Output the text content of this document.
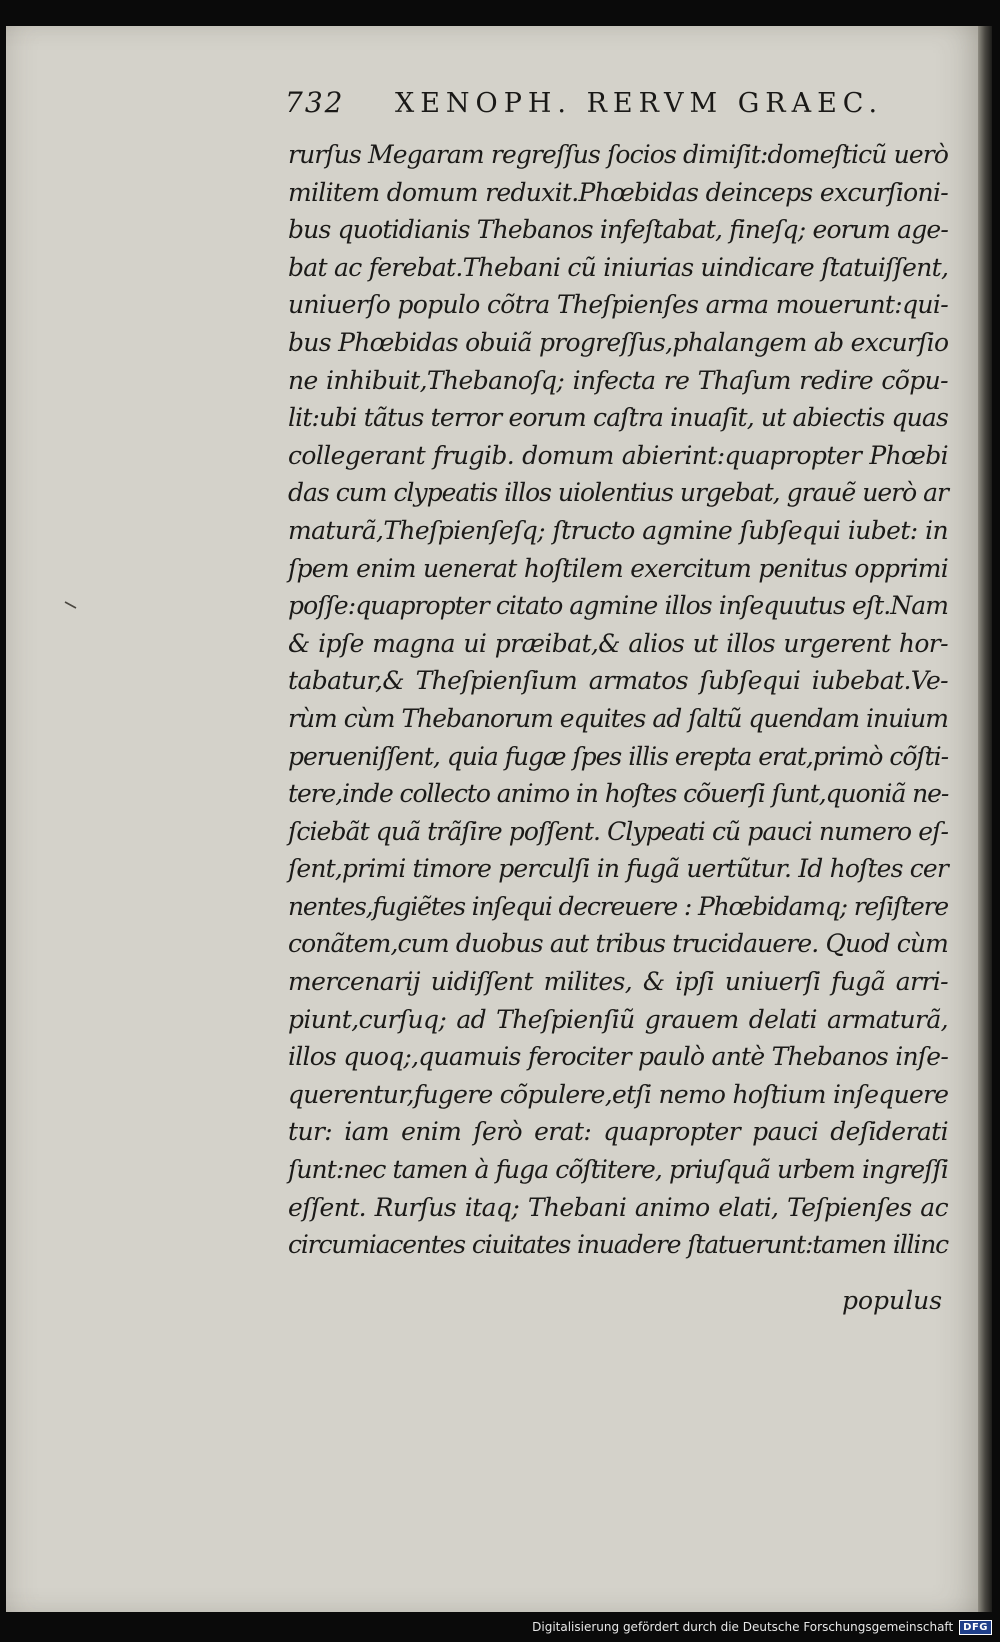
732 XENOPH. RERVM GRAEC.
rurſus Megaram regreſſus ſocios dimiſit:domeſticũ uerò
militem domum reduxit.Phœbidas deinceps excurſioni-
bus quotidianis Thebanos infeſtabat, fineſq; eorum age-
bat ac ferebat.Thebani cũ iniurias uindicare ſtatuiſſent,
uniuerſo populo cõtra Theſpienſes arma mouerunt:qui-
bus Phœbidas obuiã progreſſus,phalangem ab excurſio
ne inhibuit,Thebanoſq; infecta re Thaſum redire cõpu-
lit:ubi tãtus terror eorum caſtra inuaſit, ut abiectis quas
collegerant frugib. domum abierint:quapropter Phœbi
das cum clypeatis illos uiolentius urgebat, grauẽ uerò ar
maturã,Theſpienſeſq; ſtructo agmine ſubſequi iubet: in
ſpem enim uenerat hoſtilem exercitum penitus opprimi
poſſe:quapropter citato agmine illos inſequutus eſt.Nam
& ipſe magna ui præibat,& alios ut illos urgerent hor-
tabatur,& Theſpienſium armatos ſubſequi iubebat.Ve-
rùm cùm Thebanorum equites ad ſaltũ quendam inuium
perueniſſent, quia fugæ ſpes illis erepta erat,primò cõſti-
tere,inde collecto animo in hoſtes cõuerſi ſunt,quoniã ne-
ſciebãt quã trãſire poſſent. Clypeati cũ pauci numero eſ-
ſent,primi timore perculſi in fugã uertũtur. Id hoſtes cer
nentes,fugiẽtes inſequi decreuere : Phœbidamq; reſiſtere
conãtem,cum duobus aut tribus trucidauere. Quod cùm
mercenarij uidiſſent milites, & ipſi uniuerſi fugã arri-
piunt,curſuq; ad Theſpienſiũ grauem delati armaturã,
illos quoq;,quamuis ferociter paulò antè Thebanos inſe-
querentur,fugere cõpulere,etſi nemo hoſtium inſequere
tur: iam enim ſerò erat: quapropter pauci deſiderati
ſunt:nec tamen à fuga cõſtitere, priuſquã urbem ingreſſi
eſſent. Rurſus itaq; Thebani animo elati, Teſpienſes ac
circumiacentes ciuitates inuadere ſtatuerunt:tamen illinc
populus
Digitalisierung gefördert durch die Deutsche Forschungsgemeinschaft	DFG
